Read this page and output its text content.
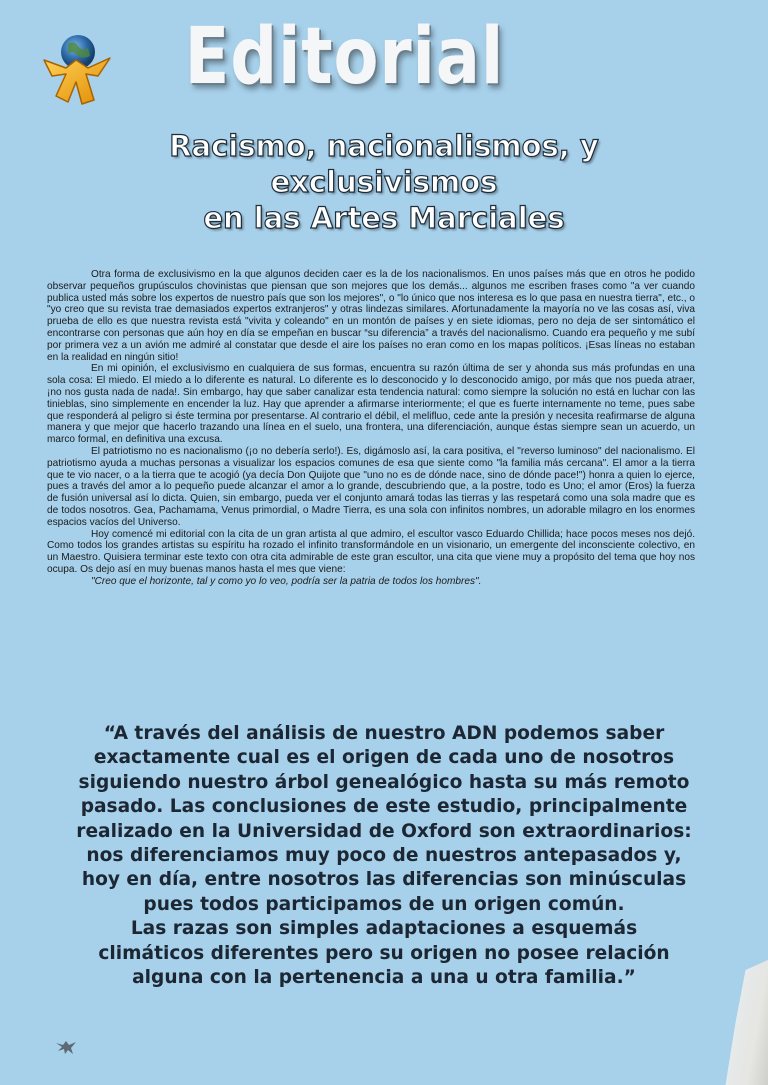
Editorial
Racismo, nacionalismos, y exclusivismos
en las Artes Marciales

Otra forma de exclusivismo en la que algunos deciden caer es la de los nacionalismos. En unos países más que en otros he podido observar pequeños grupúsculos chovinistas que piensan que son mejores que los demás... algunos me escriben frases como "a ver cuando publica usted más sobre los expertos de nuestro país que son los mejores", o "lo único que nos interesa es lo que pasa en nuestra tierra", etc., o "yo creo que su revista trae demasiados expertos extranjeros" y otras lindezas similares. Afortunadamente la mayoría no ve las cosas así, viva prueba de ello es que nuestra revista está "vivita y coleando" en un montón de países y en siete idiomas, pero no deja de ser sintomático el encontrarse con personas que aún hoy en día se empeñan en buscar “su diferencia” a través del nacionalismo. Cuando era pequeño y me subí por primera vez a un avión me admiré al constatar que desde el aire los países no eran como en los mapas políticos. ¡Esas líneas no estaban en la realidad en ningún sitio!

En mi opinión, el exclusivismo en cualquiera de sus formas, encuentra su razón última de ser y ahonda sus más profundas en una sola cosa: El miedo. El miedo a lo diferente es natural. Lo diferente es lo desconocido y lo desconocido amigo, por más que nos pueda atraer, ¡no nos gusta nada de nada!. Sin embargo, hay que saber canalizar esta tendencia natural: como siempre la solución no está en luchar con las tinieblas, sino simplemente en encender la luz. Hay que aprender a afirmarse interiormente; el que es fuerte internamente no teme, pues sabe que responderá al peligro si éste termina por presentarse. Al contrario el débil, el melifluo, cede ante la presión y necesita reafirmarse de alguna manera y que mejor que hacerlo trazando una línea en el suelo, una frontera, una diferenciación, aunque éstas siempre sean un acuerdo, un marco formal, en definitiva una excusa.

El patriotismo no es nacionalismo (¡o no debería serlo!). Es, digámoslo así, la cara positiva, el "reverso luminoso" del nacionalismo. El patriotismo ayuda a muchas personas a visualizar los espacios comunes de esa que siente como "la familia más cercana". El amor a la tierra que te vio nacer, o a la tierra que te acogió (ya decía Don Quijote que "uno no es de dónde nace, sino de dónde pace!") honra a quien lo ejerce, pues a través del amor a lo pequeño puede alcanzar el amor a lo grande, descubriendo que, a la postre, todo es Uno; el amor (Eros) la fuerza de fusión universal así lo dicta. Quien, sin embargo, pueda ver el conjunto amará todas las tierras y las respetará como una sola madre que es de todos nosotros. Gea, Pachamama, Venus primordial, o Madre Tierra, es una sola con infinitos nombres, un adorable milagro en los enormes espacios vacíos del Universo.

Hoy comencé mi editorial con la cita de un gran artista al que admiro, el escultor vasco Eduardo Chillida; hace pocos meses nos dejó. Como todos los grandes artistas su espíritu ha rozado el infinito transformándole en un visionario, un emergente del inconsciente colectivo, en un Maestro. Quisiera terminar este texto con otra cita admirable de este gran escultor, una cita que viene muy a propósito del tema que hoy nos ocupa. Os dejo así en muy buenas manos hasta el mes que viene:

"Creo que el horizonte, tal y como yo lo veo, podría ser la patria de todos los hombres".

“A través del análisis de nuestro ADN podemos saber
exactamente cual es el origen de cada uno de nosotros
siguiendo nuestro árbol genealógico hasta su más remoto
pasado. Las conclusiones de este estudio, principalmente
realizado en la Universidad de Oxford son extraordinarios:
nos diferenciamos muy poco de nuestros antepasados y,
hoy en día, entre nosotros las diferencias son minúsculas
pues todos participamos de un origen común.
Las razas son simples adaptaciones a esquemás
climáticos diferentes pero su origen no posee relación
alguna con la pertenencia a una u otra familia.”
